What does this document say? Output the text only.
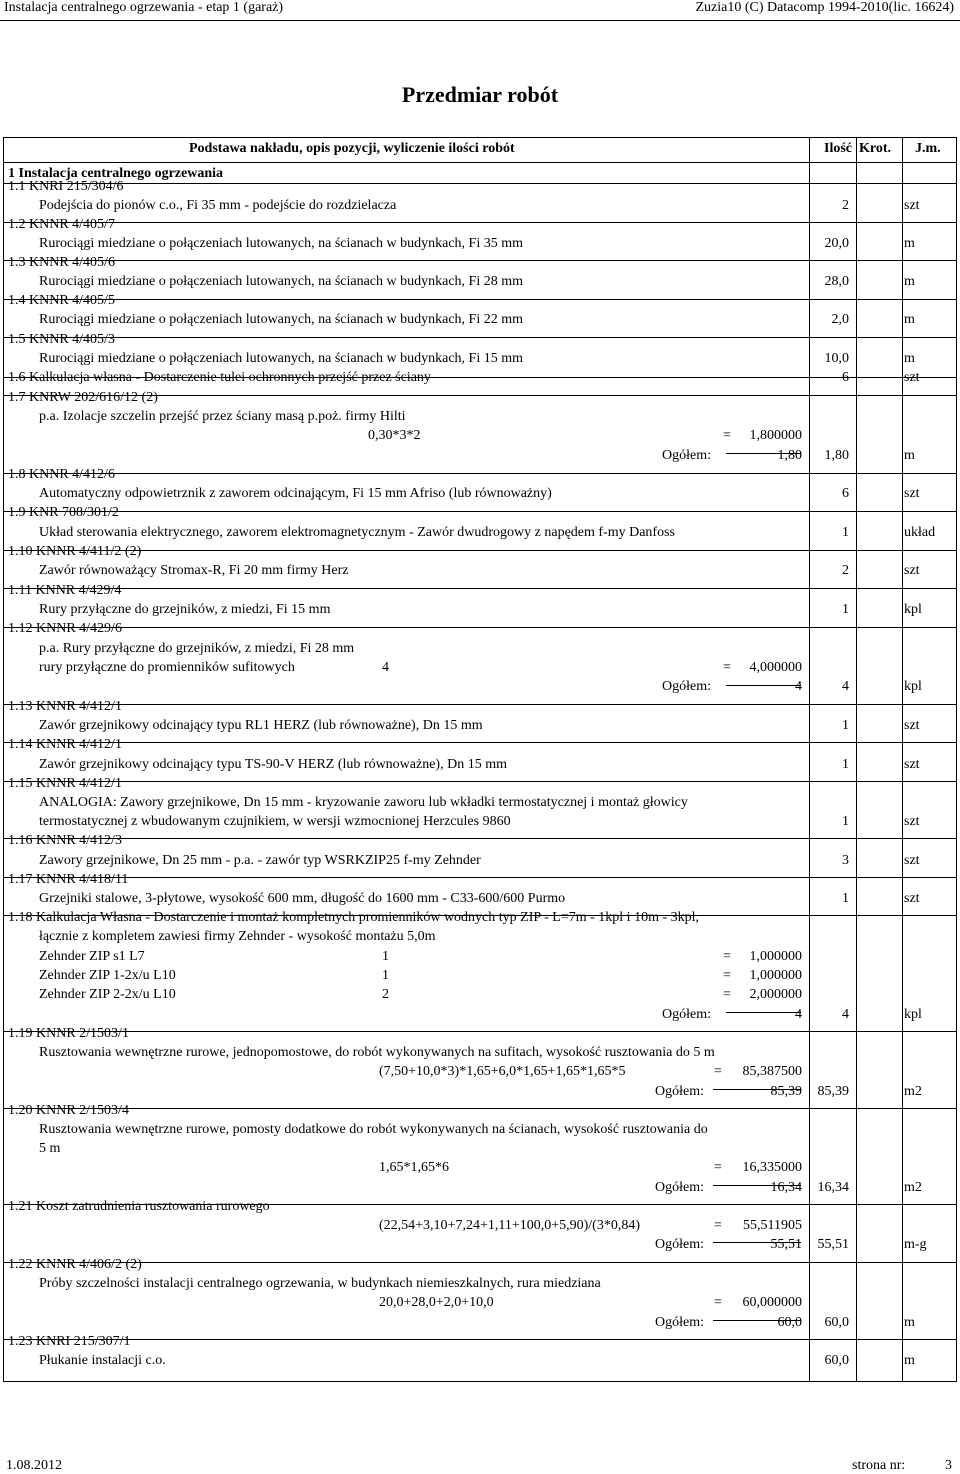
Instalacja centralnego ogrzewania - etap 1 (garaż)	Zuzia10 (C) Datacomp 1994-2010(lic. 16624)
Przedmiar robót
Podstawa nakładu, opis pozycji, wyliczenie ilości robót	Ilość Krot. J.m.
1 Instalacja centralnego ogrzewania
1.1 KNRI 215/304/6
Podejścia do pionów c.o., Fi 35 mm - podejście do rozdzielacza	2	szt
1.2 KNNR 4/405/7
Rurociągi miedziane o połączeniach lutowanych, na ścianach w budynkach, Fi 35 mm	20,0	m
1.3 KNNR 4/405/6
Rurociągi miedziane o połączeniach lutowanych, na ścianach w budynkach, Fi 28 mm	28,0	m
1.4 KNNR 4/405/5
Rurociągi miedziane o połączeniach lutowanych, na ścianach w budynkach, Fi 22 mm	2,0	m
1.5 KNNR 4/405/3
Rurociągi miedziane o połączeniach lutowanych, na ścianach w budynkach, Fi 15 mm	10,0	m
1.6 Kalkulacja własna - Dostarczenie tulei ochronnych przejść przez ściany	6	szt
1.7 KNRW 202/616/12 (2)
p.a. Izolacje szczelin przejść przez ściany masą p.poż. firmy Hilti
0,30*3*2	=	1,800000
Ogółem:	1,80	1,80	m
1.8 KNNR 4/412/6
Automatyczny odpowietrznik z zaworem odcinającym, Fi 15 mm Afriso (lub równoważny)	6	szt
1.9 KNR 708/301/2
Układ sterowania elektrycznego, zaworem elektromagnetycznym - Zawór dwudrogowy z napędem f-my Danfoss	1	układ
1.10 KNNR 4/411/2 (2)
Zawór równoważący Stromax-R, Fi 20 mm firmy Herz	2	szt
1.11 KNNR 4/429/4
Rury przyłączne do grzejników, z miedzi, Fi 15 mm	1	kpl
1.12 KNNR 4/429/6
p.a. Rury przyłączne do grzejników, z miedzi, Fi 28 mm
rury przyłączne do promienników sufitowych	4	=	4,000000
Ogółem:	4	4	kpl
1.13 KNNR 4/412/1
Zawór grzejnikowy odcinający typu RL1 HERZ (lub równoważne), Dn 15 mm	1	szt
1.14 KNNR 4/412/1
Zawór grzejnikowy odcinający typu TS-90-V HERZ (lub równoważne), Dn 15 mm	1	szt
1.15 KNNR 4/412/1
ANALOGIA: Zawory grzejnikowe, Dn 15 mm - kryzowanie zaworu lub wkładki termostatycznej i montaż głowicy
termostatycznej z wbudowanym czujnikiem, w wersji wzmocnionej Herzcules 9860	1	szt
1.16 KNNR 4/412/3
Zawory grzejnikowe, Dn 25 mm - p.a. - zawór typ WSRKZIP25 f-my Zehnder	3	szt
1.17 KNNR 4/418/11
Grzejniki stalowe, 3-płytowe, wysokość 600 mm, długość do 1600 mm - C33-600/600 Purmo	1	szt
1.18 Kalkulacja Własna - Dostarczenie i montaż kompletnych promienników wodnych typ ZIP - L=7m - 1kpl i 10m - 3kpl,
łącznie z kompletem zawiesi firmy Zehnder - wysokość montażu 5,0m
Zehnder ZIP s1 L7	1	=	1,000000
Zehnder ZIP 1-2x/u L10	1	=	1,000000
Zehnder ZIP 2-2x/u L10	2	=	2,000000
Ogółem:	4	4	kpl
1.19 KNNR 2/1503/1
Rusztowania wewnętrzne rurowe, jednopomostowe, do robót wykonywanych na sufitach, wysokość rusztowania do 5 m
(7,50+10,0*3)*1,65+6,0*1,65+1,65*1,65*5	=	85,387500
Ogółem:	85,39	85,39	m2
1.20 KNNR 2/1503/4
Rusztowania wewnętrzne rurowe, pomosty dodatkowe do robót wykonywanych na ścianach, wysokość rusztowania do
5 m
1,65*1,65*6	=	16,335000
Ogółem:	16,34	16,34	m2
1.21 Koszt zatrudnienia rusztowania rurowego
(22,54+3,10+7,24+1,11+100,0+5,90)/(3*0,84)	=	55,511905
Ogółem:	55,51	55,51	m-g
1.22 KNNR 4/406/2 (2)
Próby szczelności instalacji centralnego ogrzewania, w budynkach niemieszkalnych, rura miedziana
20,0+28,0+2,0+10,0	=	60,000000
Ogółem:	60,0	60,0	m
1.23 KNRI 215/307/1
Płukanie instalacji c.o.	60,0	m
1.08.2012	strona nr:	3
